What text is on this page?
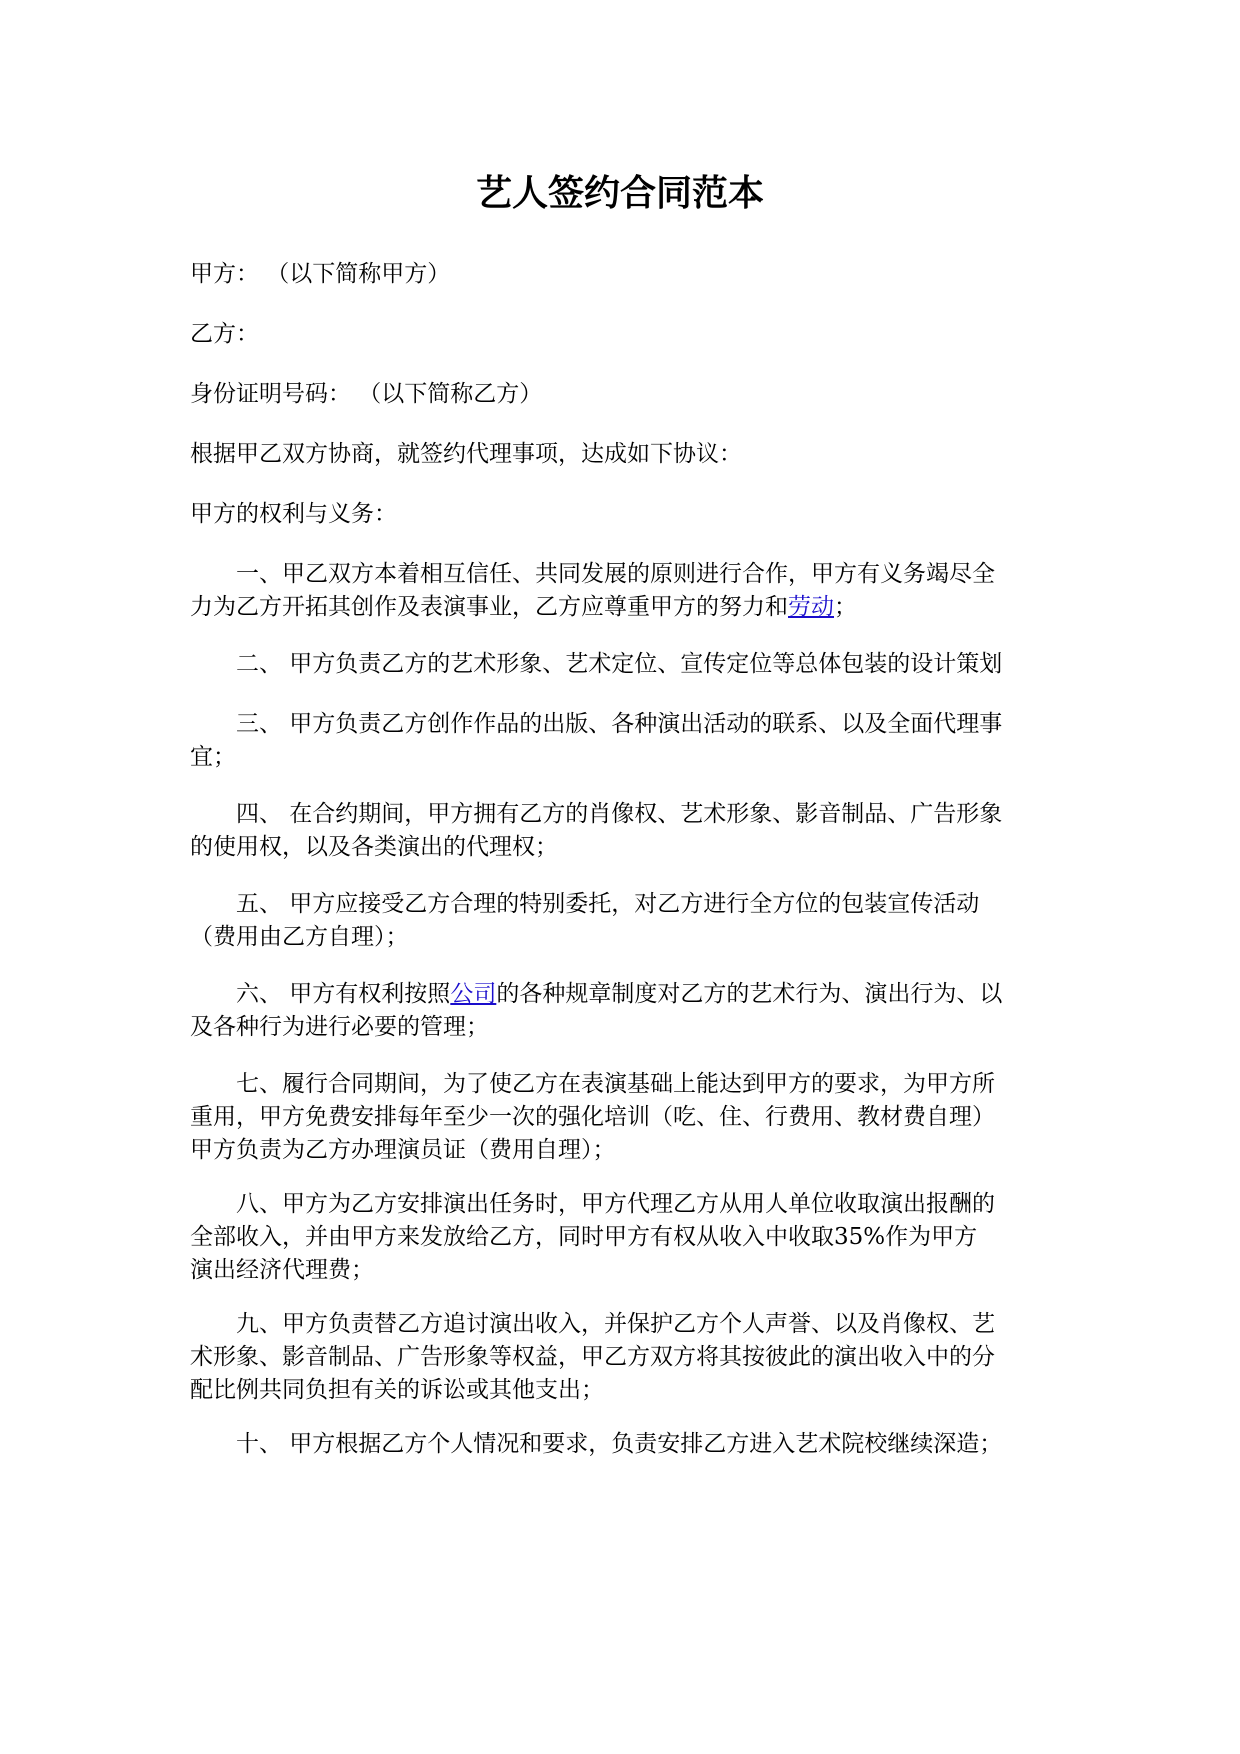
艺人签约合同范本

甲方： （以下简称甲方）

乙方：

身份证明号码： （以下简称乙方）

根据甲乙双方协商，就签约代理事项，达成如下协议：

甲方的权利与义务：

一、甲乙双方本着相互信任、共同发展的原则进行合作，甲方有义务竭尽全
力为乙方开拓其创作及表演事业，乙方应尊重甲方的努力和劳动；
二、 甲方负责乙方的艺术形象、艺术定位、宣传定位等总体包装的设计策划
三、 甲方负责乙方创作作品的出版、各种演出活动的联系、以及全面代理事
宜；
四、 在合约期间，甲方拥有乙方的肖像权、艺术形象、影音制品、广告形象
的使用权，以及各类演出的代理权；
五、 甲方应接受乙方合理的特别委托，对乙方进行全方位的包装宣传活动
（费用由乙方自理）；
六、 甲方有权利按照公司的各种规章制度对乙方的艺术行为、演出行为、以
及各种行为进行必要的管理；
七、履行合同期间，为了使乙方在表演基础上能达到甲方的要求，为甲方所
重用，甲方免费安排每年至少一次的强化培训（吃、住、行费用、教材费自理）
甲方负责为乙方办理演员证（费用自理）；
八、甲方为乙方安排演出任务时，甲方代理乙方从用人单位收取演出报酬的
全部收入，并由甲方来发放给乙方，同时甲方有权从收入中收取35%作为甲方
演出经济代理费；
九、甲方负责替乙方追讨演出收入，并保护乙方个人声誉、以及肖像权、艺
术形象、影音制品、广告形象等权益，甲乙方双方将其按彼此的演出收入中的分
配比例共同负担有关的诉讼或其他支出；
十、 甲方根据乙方个人情况和要求，负责安排乙方进入艺术院校继续深造；
